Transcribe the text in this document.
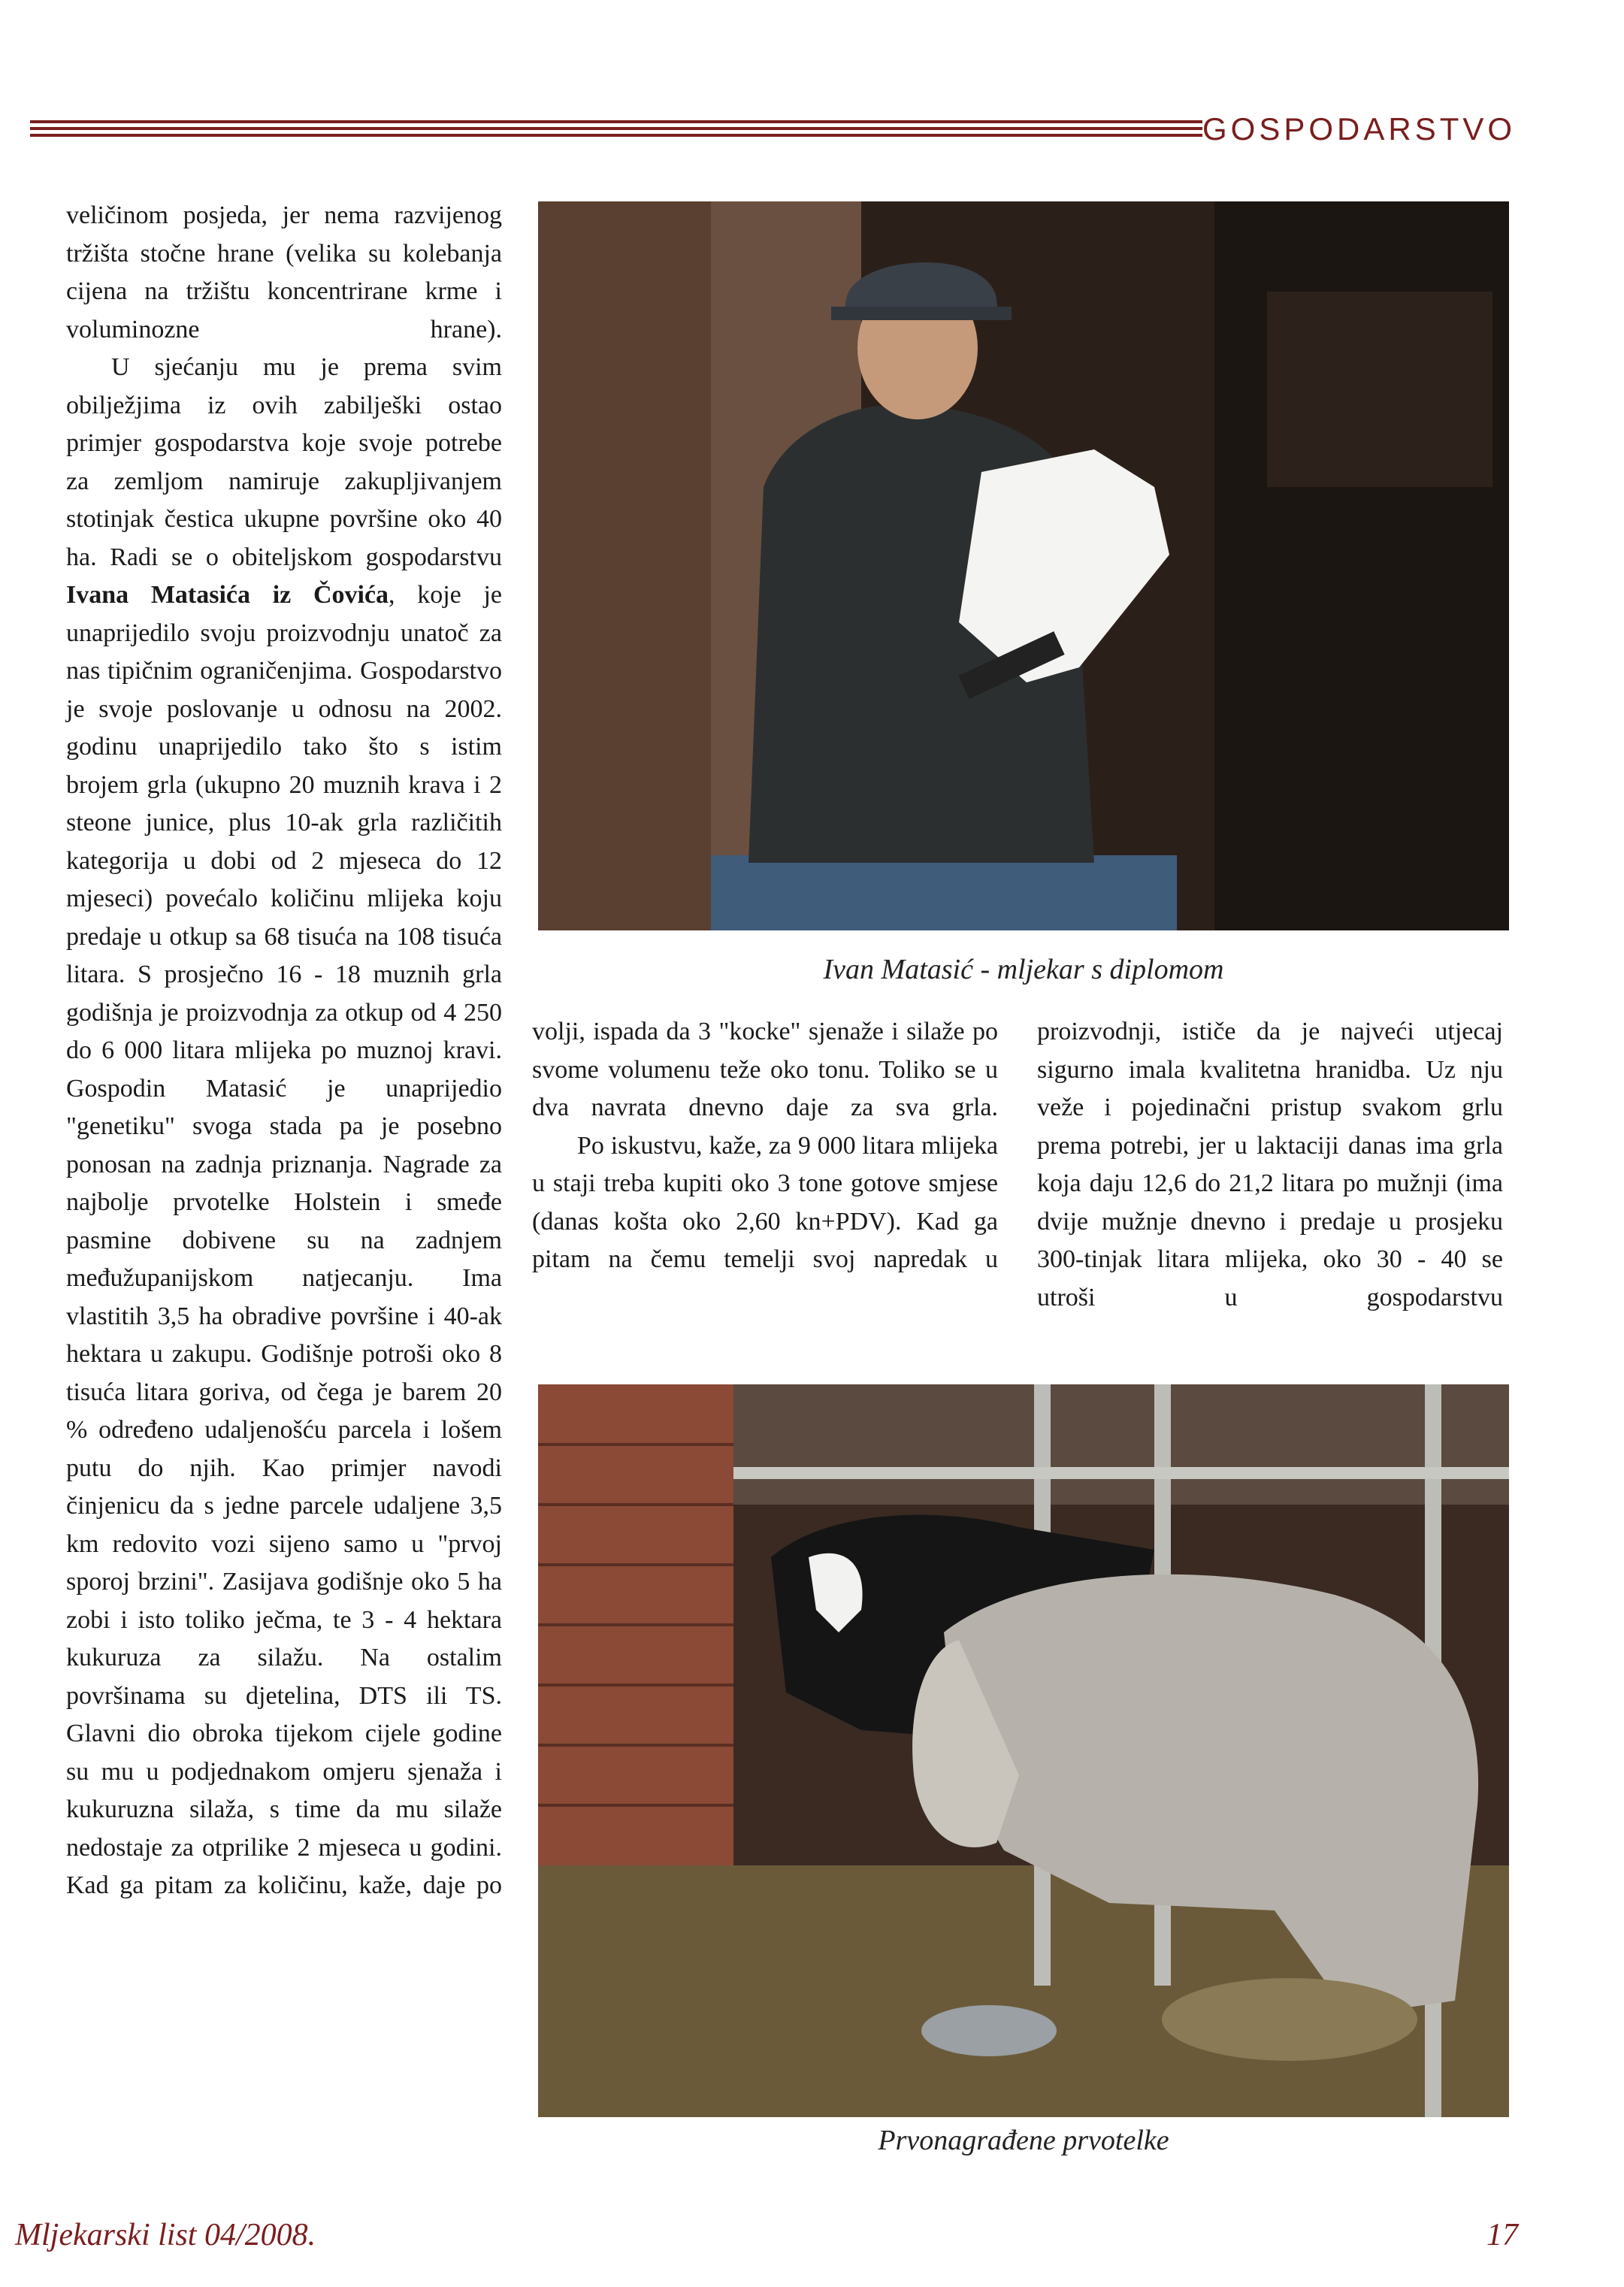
GOSPODARSTVO

veličinom posjeda, jer nema razvijenog tržišta stočne hrane (velika su kolebanja cijena na tržištu koncentrirane krme i voluminozne hrane).

U sjećanju mu je prema svim obilježjima iz ovih zabilješki ostao primjer gospodarstva koje svoje potrebe za zemljom namiruje zakupljivanjem stotinjak čestica ukupne površine oko 40 ha. Radi se o obiteljskom gospodarstvu Ivana Matasića iz Čovića, koje je unaprijedilo svoju proizvodnju unatoč za nas tipičnim ograničenjima. Gospodarstvo je svoje poslovanje u odnosu na 2002. godinu unaprijedilo tako što s istim brojem grla (ukupno 20 muznih krava i 2 steone junice, plus 10-ak grla različitih kategorija u dobi od 2 mjeseca do 12 mjeseci) povećalo količinu mlijeka koju predaje u otkup sa 68 tisuća na 108 tisuća litara. S prosječno 16 - 18 muznih grla godišnja je proizvodnja za otkup od 4 250 do 6 000 litara mlijeka po muznoj kravi. Gospodin Matasić je unaprijedio "genetiku" svoga stada pa je posebno ponosan na zadnja priznanja. Nagrade za najbolje prvotelke Holstein i smeđe pasmine dobivene su na zadnjem međužupanijskom natjecanju. Ima vlastitih 3,5 ha obradive površine i 40-ak hektara u zakupu. Godišnje potroši oko 8 tisuća litara goriva, od čega je barem 20 % određeno udaljenošću parcela i lošem putu do njih. Kao primjer navodi činjenicu da s jedne parcele udaljene 3,5 km redovito vozi sijeno samo u "prvoj sporoj brzini". Zasijava godišnje oko 5 ha zobi i isto toliko ječma, te 3 - 4 hektara kukuruza za silažu. Na ostalim površinama su djetelina, DTS ili TS. Glavni dio obroka tijekom cijele godine su mu u podjednakom omjeru sjenaža i kukuruzna silaža, s time da mu silaže nedostaje za otprilike 2 mjeseca u godini. Kad ga pitam za količinu, kaže, daje po

Ivan Matasić - mljekar s diplomom

volji, ispada da 3 "kocke" sjenaže i silaže po svome volumenu teže oko tonu. Toliko se u dva navrata dnevno daje za sva grla.

Po iskustvu, kaže, za 9 000 litara mlijeka u staji treba kupiti oko 3 tone gotove smjese (danas košta oko 2,60 kn+PDV). Kad ga pitam na čemu temelji svoj napredak u

proizvodnji, ističe da je najveći utjecaj sigurno imala kvalitetna hranidba. Uz nju veže i pojedinačni pristup svakom grlu prema potrebi, jer u laktaciji danas ima grla koja daju 12,6 do 21,2 litara po mužnji (ima dvije mužnje dnevno i predaje u prosjeku 300-tinjak litara mlijeka, oko 30 - 40 se utroši u gospodarstvu

Prvonagrađene prvotelke
Mljekarski list 04/2008.	17
